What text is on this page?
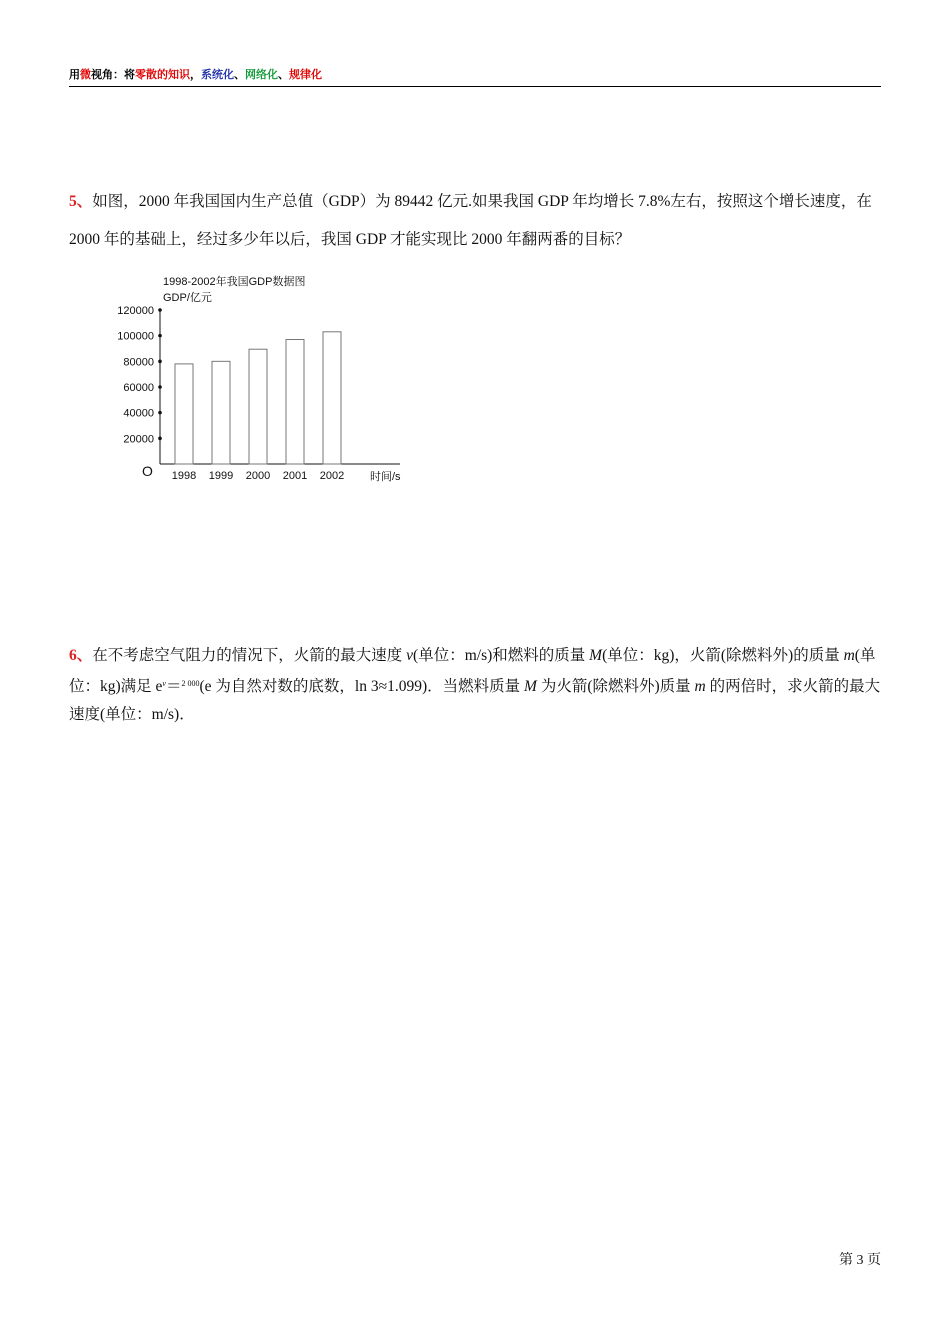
用微视角：将零散的知识，系统化、网络化、规律化
5、如图，2000 年我国国内生产总值（GDP）为 89442 亿元.如果我国 GDP 年均增长 7.8%左右，按照这个增长速度，在 2000 年的基础上，经过多少年以后，我国 GDP 才能实现比 2000 年翻两番的目标？
1998-2002年我国GDP数据图
GDP/亿元
20000
40000
60000
80000
100000
120000
1998 1999 2000 2001 2002
O	时间/s
6、在不考虑空气阻力的情况下，火箭的最大速度 v(单位：m/s)和燃料的质量 M(单位：kg)，火箭(除燃料外)的质量 m(单位：kg)满足 $e^v=^{2 000}(e$ 为自然对数的底数，ln 3≈1.099)．当燃料质量 M 为火箭(除燃料外)质量 m 的两倍时，求火箭的最大速度(单位：m/s)．
第 3 页
